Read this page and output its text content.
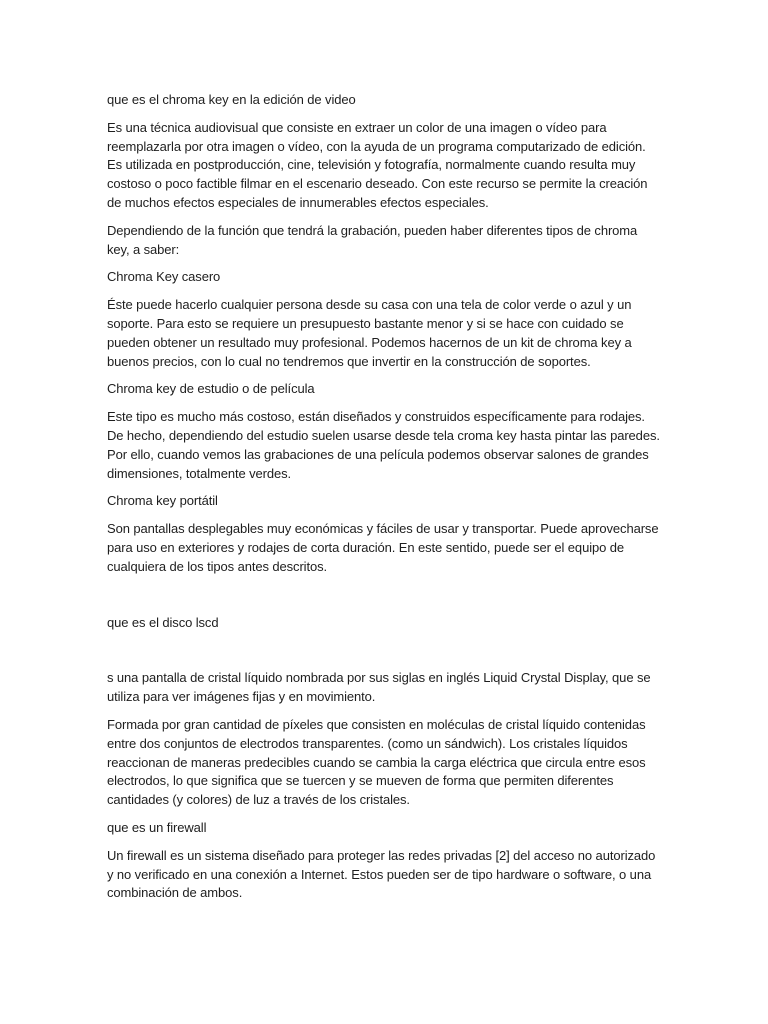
que es el chroma key en la edición de video

Es una técnica audiovisual que consiste en extraer un color de una imagen o vídeo para reemplazarla por otra imagen o vídeo, con la ayuda de un programa computarizado de edición. Es utilizada en postproducción, cine, televisión y fotografía, normalmente cuando resulta muy costoso o poco factible filmar en el escenario deseado. Con este recurso se permite la creación de muchos efectos especiales de innumerables efectos especiales.

Dependiendo de la función que tendrá la grabación, pueden haber diferentes tipos de chroma key, a saber:

Chroma Key casero

Éste puede hacerlo cualquier persona desde su casa con una tela de color verde o azul y un soporte. Para esto se requiere un presupuesto bastante menor y si se hace con cuidado se pueden obtener un resultado muy profesional. Podemos hacernos de un kit de chroma key a buenos precios, con lo cual no tendremos que invertir en la construcción de soportes.

Chroma key de estudio o de película

Este tipo es mucho más costoso, están diseñados y construidos específicamente para rodajes. De hecho, dependiendo del estudio suelen usarse desde tela croma key hasta pintar las paredes. Por ello, cuando vemos las grabaciones de una película podemos observar salones de grandes dimensiones, totalmente verdes.

Chroma key portátil

Son pantallas desplegables muy económicas y fáciles de usar y transportar. Puede aprovecharse para uso en exteriores y rodajes de corta duración. En este sentido, puede ser el equipo de cualquiera de los tipos antes descritos.

que es el disco lscd

s una pantalla de cristal líquido nombrada por sus siglas en inglés Liquid Crystal Display, que se utiliza para ver imágenes fijas y en movimiento.

Formada por gran cantidad de píxeles que consisten en moléculas de cristal líquido contenidas entre dos conjuntos de electrodos transparentes. (como un sándwich). Los cristales líquidos reaccionan de maneras predecibles cuando se cambia la carga eléctrica que circula entre esos electrodos, lo que significa que se tuercen y se mueven de forma que permiten diferentes cantidades (y colores) de luz a través de los cristales.

que es un firewall

Un firewall es un sistema diseñado para proteger las redes privadas [2] del acceso no autorizado y no verificado en una conexión a Internet. Estos pueden ser de tipo hardware o software, o una combinación de ambos.
